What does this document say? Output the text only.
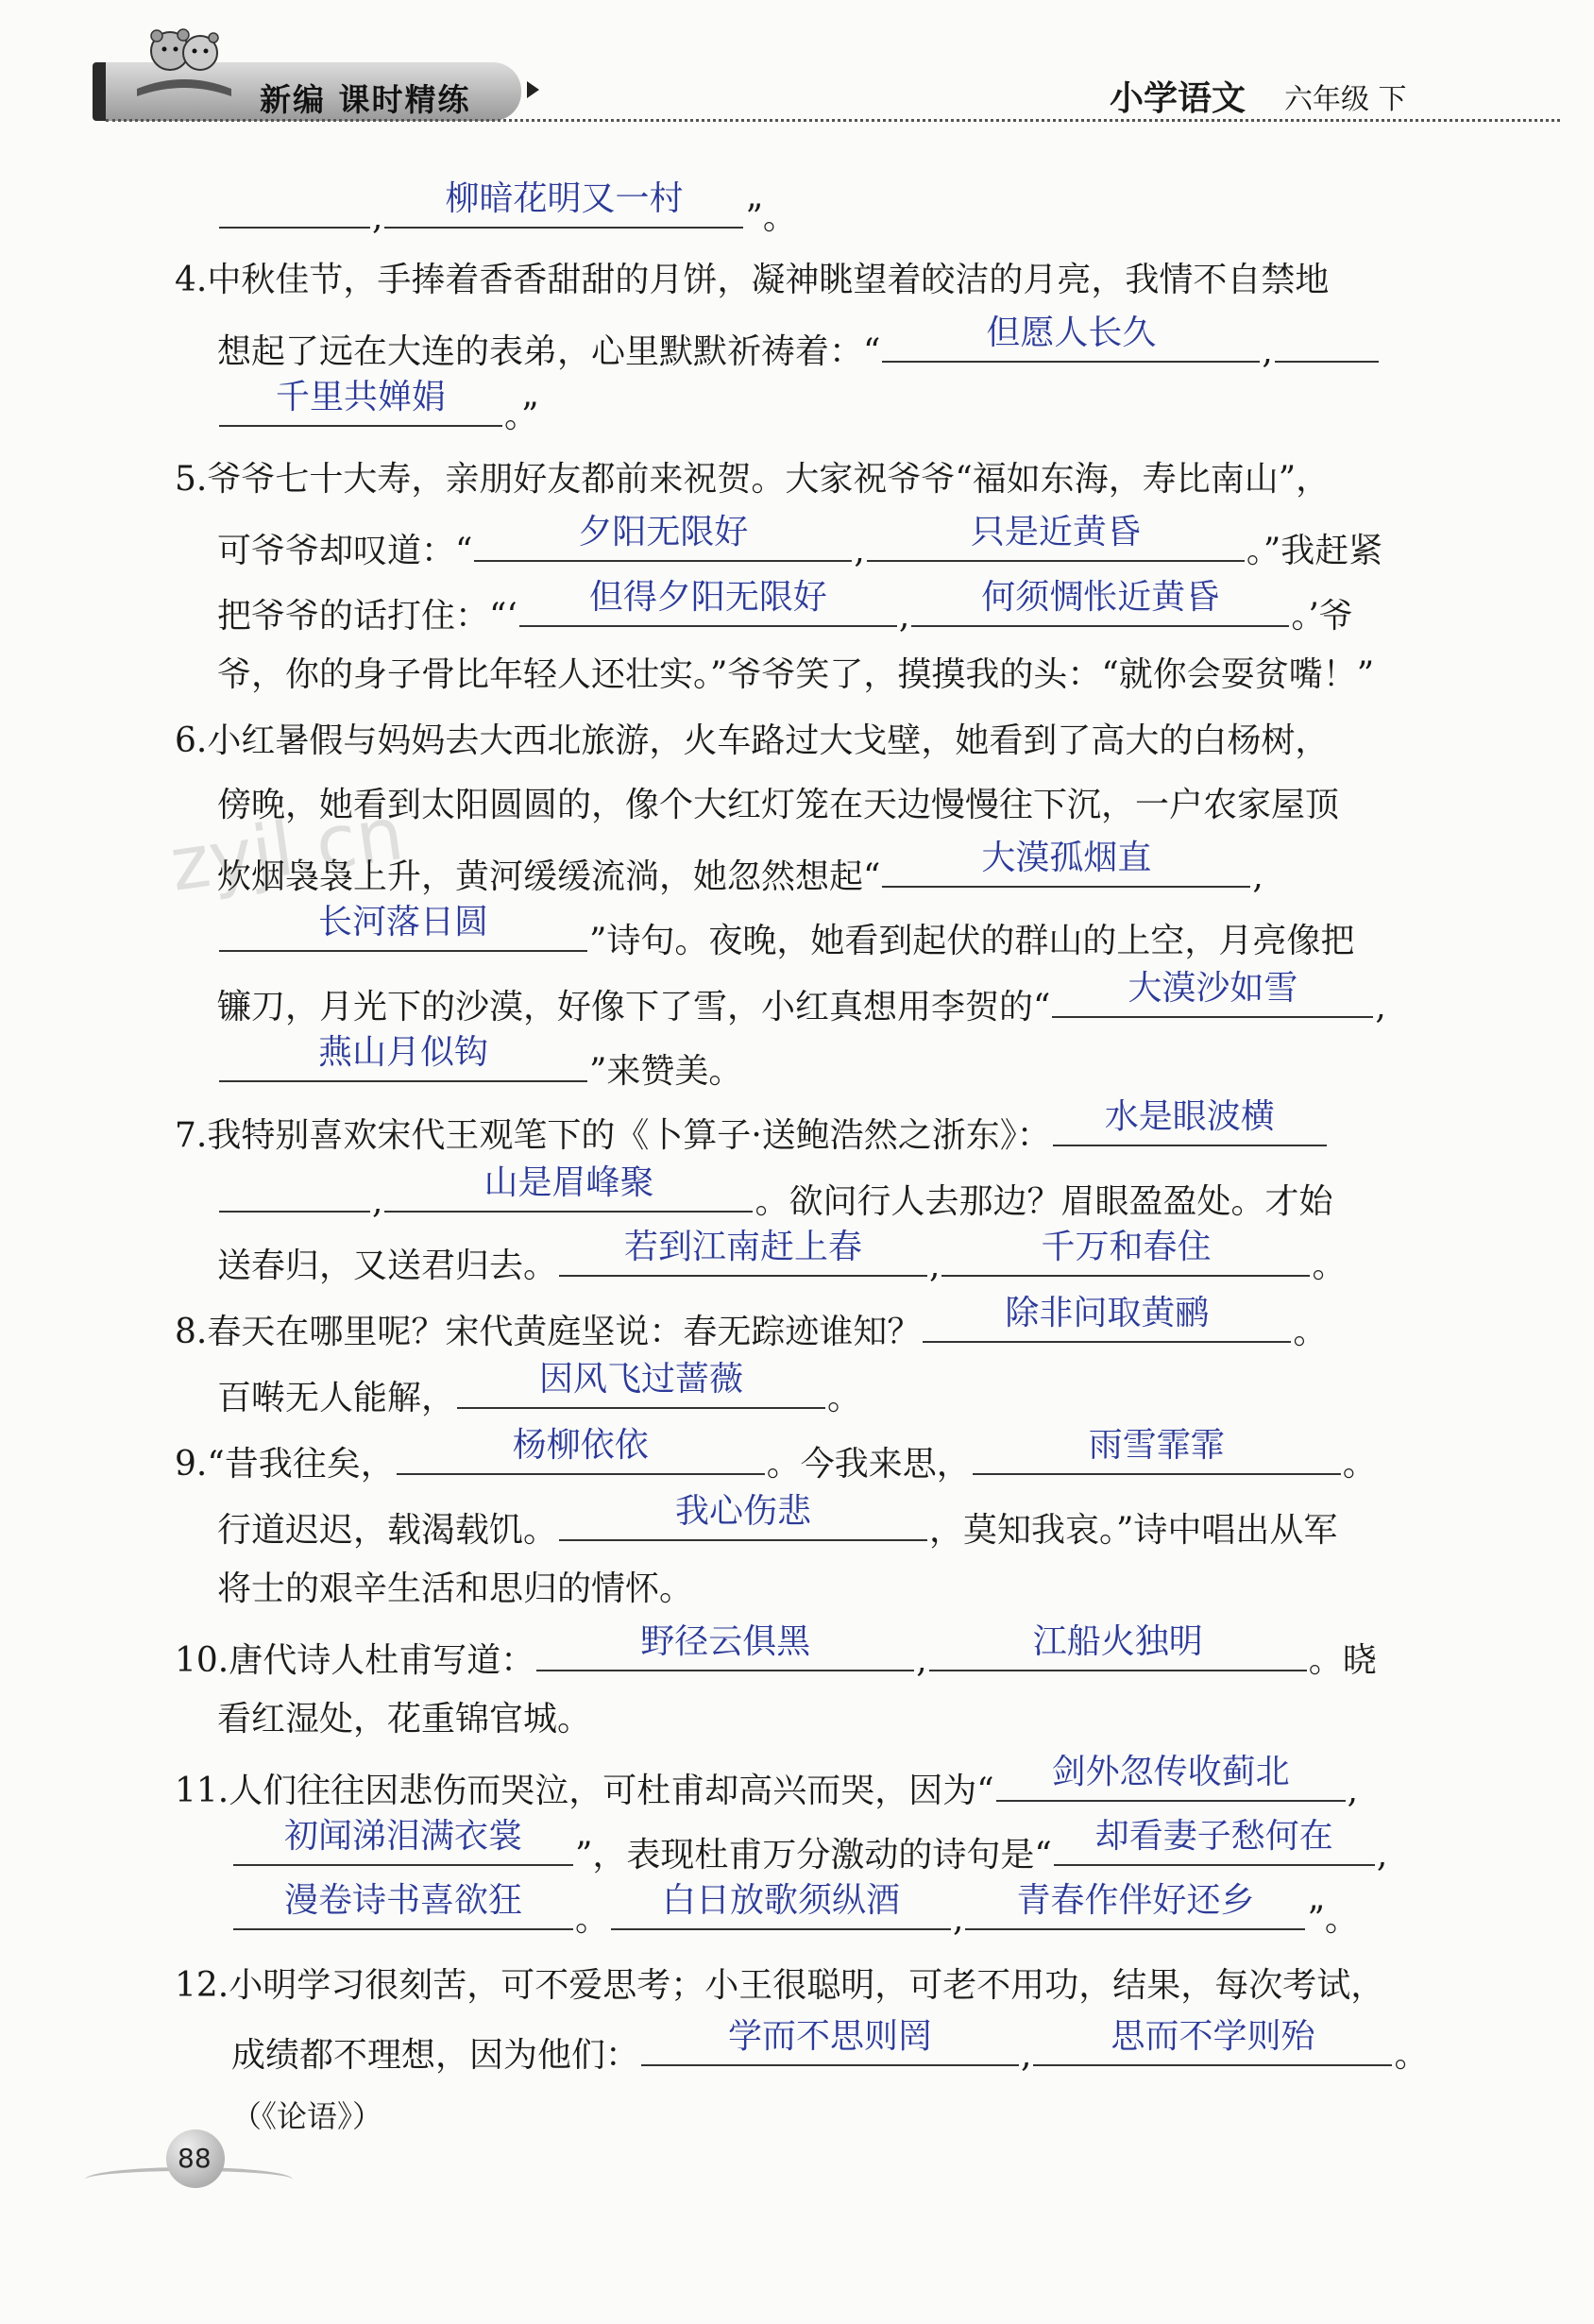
新编 课时精练	小学语文 六年级 下
zyjl.cn
,	柳暗花明又一村	”。
4.中秋佳节，手捧着香香甜甜的月饼，凝神眺望着皎洁的月亮，我情不自禁地
想起了远在大连的表弟，心里默默祈祷着：“	但愿人长久	,
千里共婵娟	。”
5.爷爷七十大寿，亲朋好友都前来祝贺。大家祝爷爷“福如东海，寿比南山”，
可爷爷却叹道：“	夕阳无限好	,	只是近黄昏	。”我赶紧
把爷爷的话打住：“‘	但得夕阳无限好	,	何须惆怅近黄昏	。’爷
爷，你的身子骨比年轻人还壮实。”爷爷笑了，摸摸我的头：“就你会耍贫嘴！”
6.小红暑假与妈妈去大西北旅游，火车路过大戈壁，她看到了高大的白杨树，
傍晚，她看到太阳圆圆的，像个大红灯笼在天边慢慢往下沉，一户农家屋顶
炊烟袅袅上升，黄河缓缓流淌，她忽然想起“	大漠孤烟直	,
长河落日圆	”诗句。夜晚，她看到起伏的群山的上空，月亮像把
镰刀，月光下的沙漠，好像下了雪，小红真想用李贺的“	大漠沙如雪	,
燕山月似钩	”来赞美。
7.我特别喜欢宋代王观笔下的《卜算子·送鲍浩然之浙东》：	水是眼波横
,	山是眉峰聚	。欲问行人去那边？眉眼盈盈处。才始
送春归，又送君归去。	若到江南赶上春	,	千万和春住	。
8.春天在哪里呢？宋代黄庭坚说：春无踪迹谁知？	除非问取黄鹂	。
百啭无人能解，	因风飞过蔷薇	。
9.“昔我往矣，	杨柳依依	。今我来思，	雨雪霏霏	。
行道迟迟，载渴载饥。	我心伤悲	，莫知我哀。”诗中唱出从军
将士的艰辛生活和思归的情怀。
10.唐代诗人杜甫写道：	野径云俱黑	,	江船火独明	。晓
看红湿处，花重锦官城。
11.人们往往因悲伤而哭泣，可杜甫却高兴而哭，因为“	剑外忽传收蓟北	,
初闻涕泪满衣裳	”，表现杜甫万分激动的诗句是“	却看妻子愁何在	,
漫卷诗书喜欲狂	。	白日放歌须纵酒	,	青春作伴好还乡	”。
12.小明学习很刻苦，可不爱思考；小王很聪明，可老不用功，结果，每次考试，
成绩都不理想，因为他们：	学而不思则罔	,	思而不学则殆	。
（《论语》）
88
